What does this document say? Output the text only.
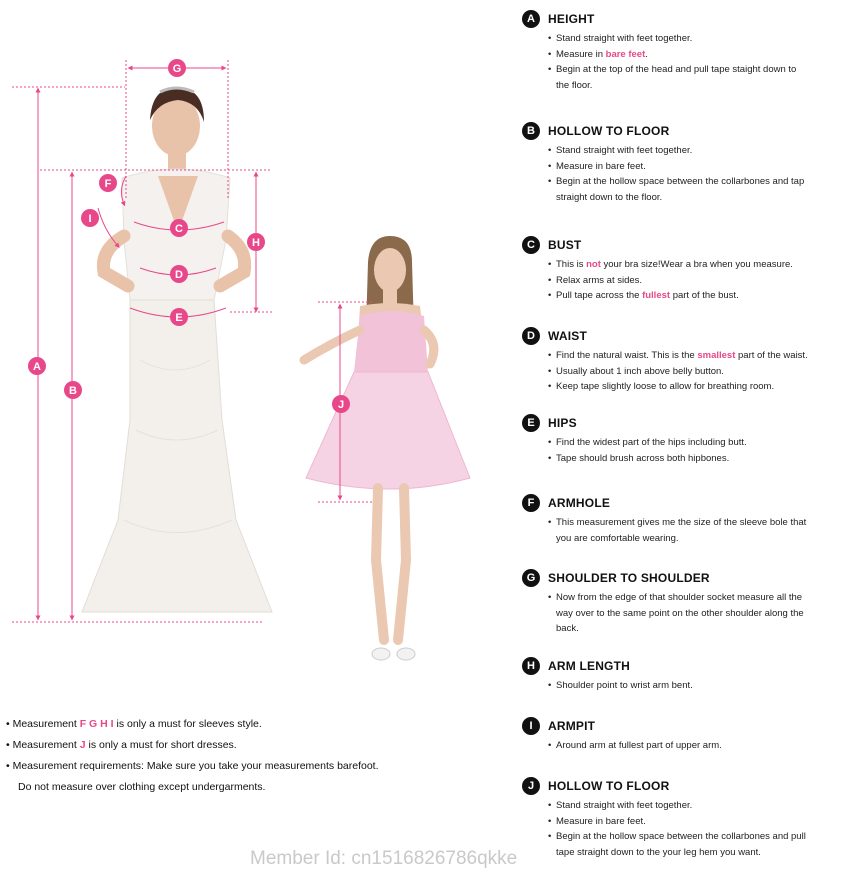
G
F
I
C
H
D
E
A
B
J
A	HEIGHT
• Stand straight with feet together.
• Measure in bare feet.
• Begin at the top of the head and pull tape staight down to
the floor.
B	HOLLOW TO FLOOR
• Stand straight with feet together.
• Measure in bare feet.
• Begin at the hollow space between the collarbones and tap
straight down to the floor.
C	BUST
• This is not your bra size!Wear a bra when you measure.
• Relax arms at sides.
• Pull tape across the fullest part of the bust.
D	WAIST
• Find the natural waist. This is the smallest part of the waist.
• Usually about 1 inch above belly button.
• Keep tape slightly loose to allow for breathing room.
E	HIPS
• Find the widest part of the hips including butt.
• Tape should brush across both hipbones.
F	ARMHOLE
• This measurement gives me the size of the sleeve bole that
you are comfortable wearing.
G	SHOULDER TO SHOULDER
• Now from the edge of that shoulder socket measure all the
way over to the same point on the other shoulder along the
back.
H	ARM LENGTH
• Shoulder point to wrist arm bent.
I	ARMPIT
• Around arm at fullest part of upper arm.
J	HOLLOW TO FLOOR
• Stand straight with feet together.
• Measure in bare feet.
• Begin at the hollow space between the collarbones and pull
tape straight down to the your leg hem you want.
• Measurement F G H I is only a must for sleeves style.
• Measurement J is only a must for short dresses.
• Measurement requirements: Make sure you take your measurements barefoot.
Do not measure over clothing except undergarments.
Member Id: cn1516826786qkke
